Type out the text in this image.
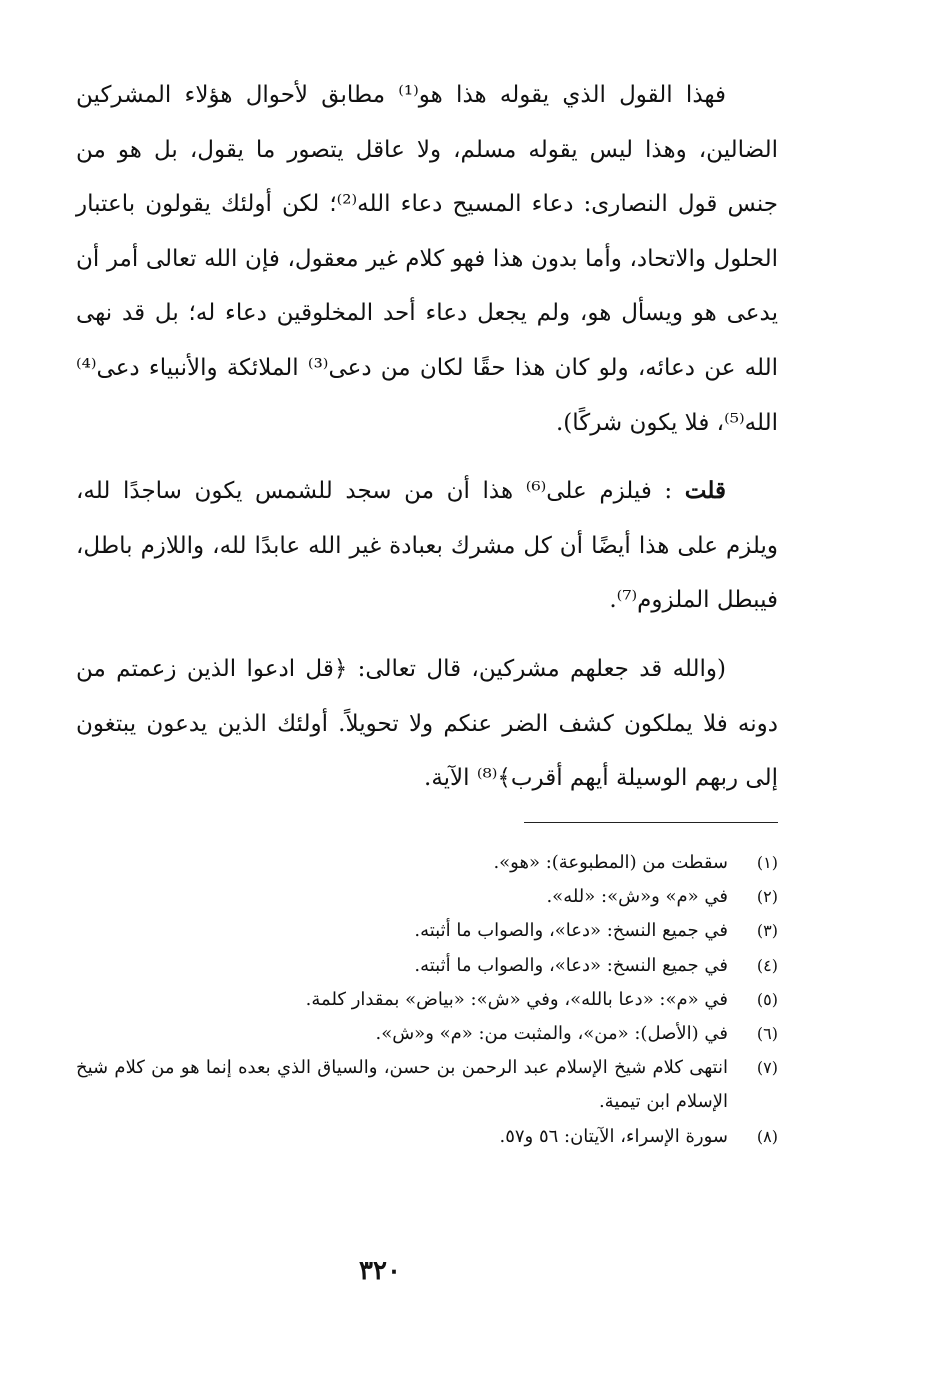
فهذا القول الذي يقوله هذا هو⁽¹⁾ مطابق لأحوال هؤلاء المشركين الضالين، وهذا ليس يقوله مسلم، ولا عاقل يتصور ما يقول، بل هو من جنس قول النصارى: دعاء المسيح دعاء الله⁽²⁾؛ لكن أولئك يقولون باعتبار الحلول والاتحاد، وأما بدون هذا فهو كلام غير معقول، فإن الله تعالى أمر أن يدعى هو ويسأل هو، ولم يجعل دعاء أحد المخلوقين دعاء له؛ بل قد نهى الله عن دعائه، ولو كان هذا حقًا لكان من دعى⁽³⁾ الملائكة والأنبياء دعى⁽⁴⁾ الله⁽⁵⁾، فلا يكون شركًا).

قلت : فيلزم على⁽⁶⁾ هذا أن من سجد للشمس يكون ساجدًا لله، ويلزم على هذا أيضًا أن كل مشرك بعبادة غير الله عابدًا لله، واللازم باطل، فيبطل الملزوم⁽⁷⁾.

(والله قد جعلهم مشركين، قال تعالى: ﴿قل ادعوا الذين زعمتم من دونه فلا يملكون كشف الضر عنكم ولا تحويلاً. أولئك الذين يدعون يبتغون إلى ربهم الوسيلة أيهم أقرب﴾⁽⁸⁾ الآية.

(١)
سقطت من (المطبوعة): «هو».
(٢)
في «م» و«ش»: «لله».
(٣)
في جميع النسخ: «دعا»، والصواب ما أثبته.
(٤)
في جميع النسخ: «دعا»، والصواب ما أثبته.
(٥)
في «م»: «دعا بالله»، وفي «ش»: «بياض» بمقدار كلمة.
(٦)
في (الأصل): «من»، والمثبت من: «م» و«ش».
(٧)
انتهى كلام شيخ الإسلام عبد الرحمن بن حسن، والسياق الذي بعده إنما هو من كلام شيخ الإسلام ابن تيمية.
(٨)
سورة الإسراء، الآيتان: ٥٦ و٥٧.
٣٢٠
